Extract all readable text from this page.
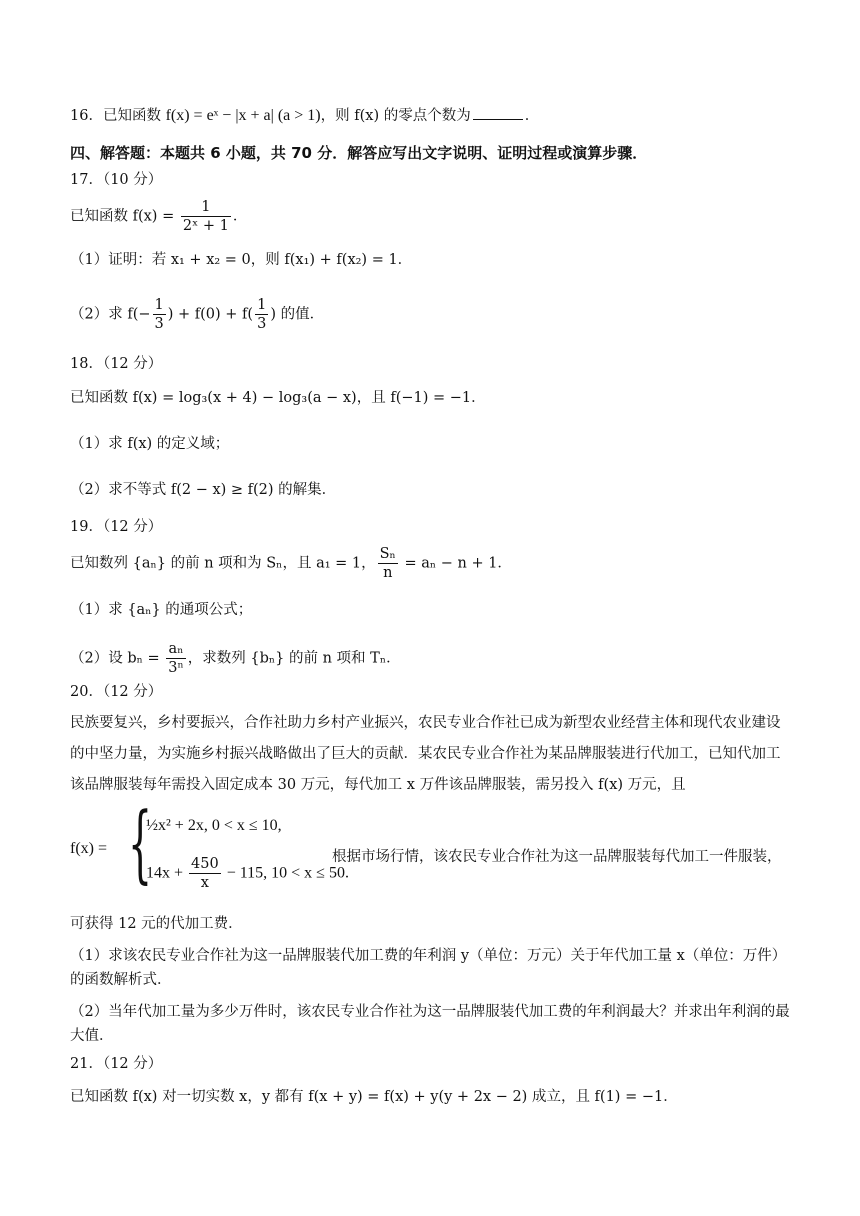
16．已知函数 f(x) = eˣ − |x + a| (a > 1)，则 f(x) 的零点个数为	．
四、解答题：本题共 6 小题，共 70 分．解答应写出文字说明、证明过程或演算步骤．
17．（10 分）
已知函数 $f(x) = \frac{1}{\text{2ˣ + 1}}$ ．
（1）证明：若 x₁ + x₂ = 0，则 f(x₁) + f(x₂) = 1．
（2）求 $f(- \frac{1}{3}$ ) + $f(0) + f( \frac{1}{3}$ ) 的值．
18．（12 分）
已知函数 f(x) = log₃(x + 4) − log₃(a − x)，且 f(−1) = −1．
（1）求 f(x) 的定义域；
（2）求不等式 f(2 − x) ≥ f(2) 的解集．
19．（12 分）
已知数列 {aₙ} 的前 n 项和为 Sₙ，且 a₁ = 1， $\frac{\text{Sₙ}}{n} = a_n - n + 1$．
（1）求 {aₙ} 的通项公式；
（2）设 $b_n = \frac{\text{aₙ}}{\text{3ⁿ}}$ ，求数列 {bₙ} 的前 n 项和 Tₙ．
20．（12 分）
民族要复兴，乡村要振兴，合作社助力乡村产业振兴，农民专业合作社已成为新型农业经营主体和现代农业建设的中坚力量，为实施乡村振兴战略做出了巨大的贡献．某农民专业合作社为某品牌服装进行代加工，已知代加工该品牌服装每年需投入固定成本 30 万元，每代加工 x 万件该品牌服装，需另投入 f(x) 万元，且
f(x) = {
½x² + 2x, 0 < x ≤ 10,
$14x + \frac{450}{x} - 115$, 10 < x ≤ 50.
根据市场行情，该农民专业合作社为这一品牌服装每代加工一件服装，
可获得 12 元的代加工费．
（1）求该农民专业合作社为这一品牌服装代加工费的年利润 y（单位：万元）关于年代加工量 x（单位：万件）的函数解析式．
（2）当年代加工量为多少万件时，该农民专业合作社为这一品牌服装代加工费的年利润最大？并求出年利润的最大值．
21．（12 分）
已知函数 f(x) 对一切实数 x，y 都有 f(x + y) = f(x) + y(y + 2x − 2) 成立，且 f(1) = −1．
